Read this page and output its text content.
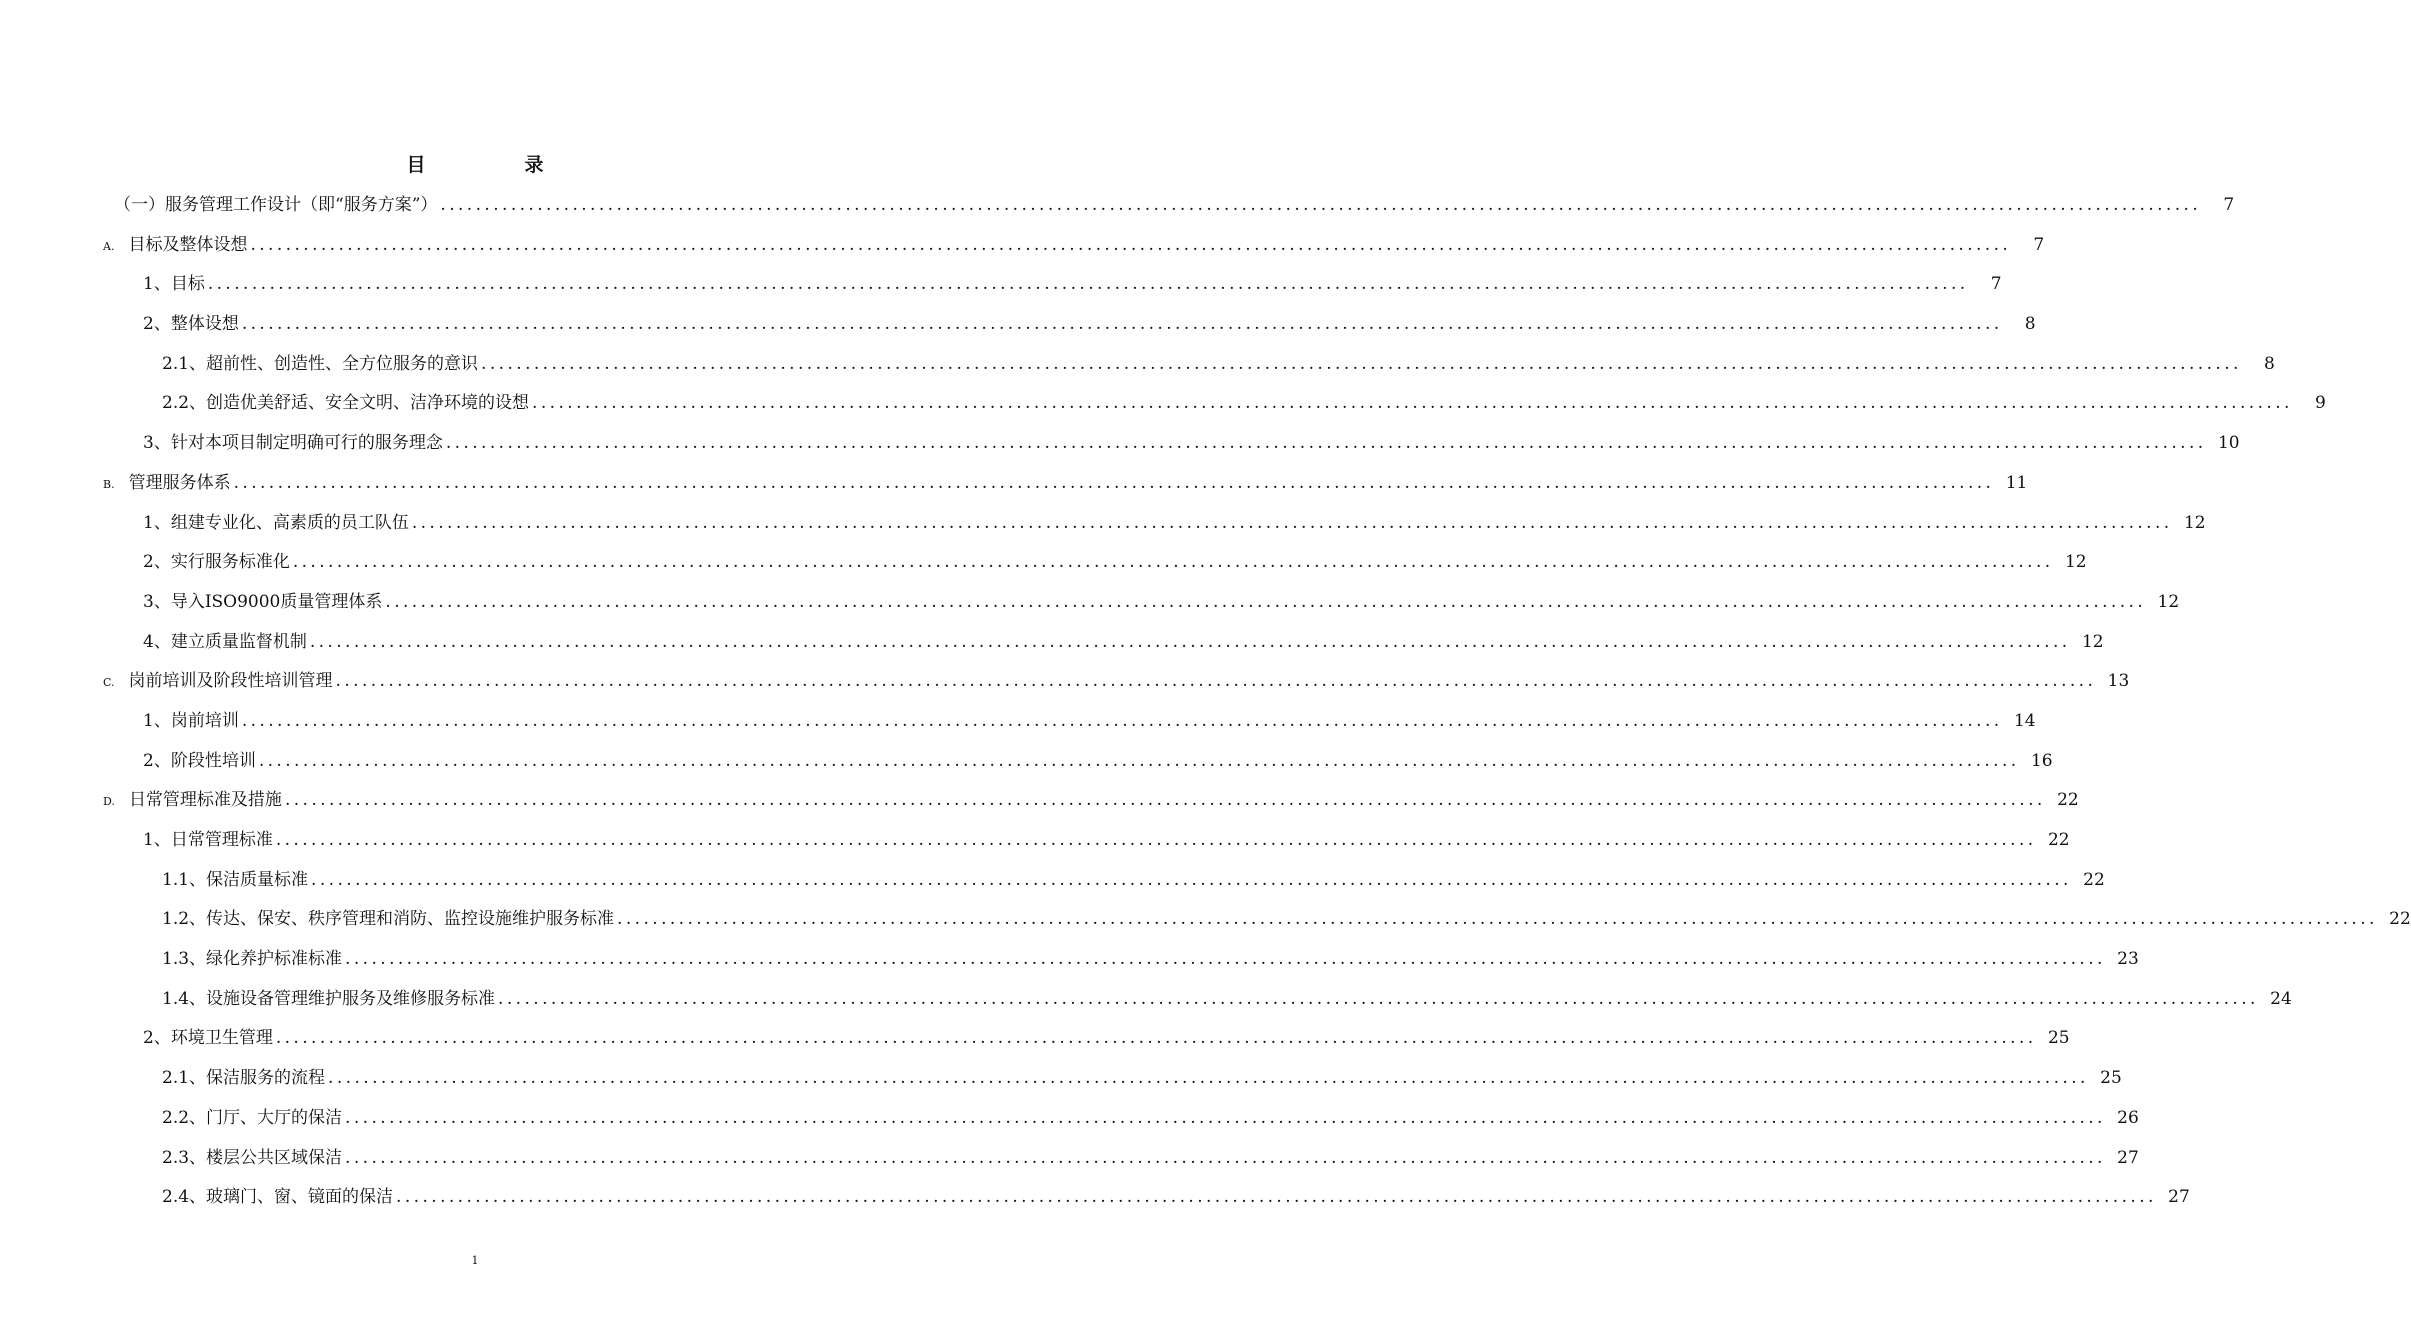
目　录
（一）服务管理工作设计（即“服务方案”） ........................................................................................................................................................................................................	7
A. 目标及整体设想 ........................................................................................................................................................................................................	7
1、目标 ........................................................................................................................................................................................................	7
2、整体设想 ........................................................................................................................................................................................................	8
2.1、超前性、创造性、全方位服务的意识 ........................................................................................................................................................................................................	8
2.2、创造优美舒适、安全文明、洁净环境的设想 ........................................................................................................................................................................................................	9
3、针对本项目制定明确可行的服务理念 ........................................................................................................................................................................................................ 10
B. 管理服务体系 ........................................................................................................................................................................................................ 11
1、组建专业化、高素质的员工队伍 ........................................................................................................................................................................................................ 12
2、实行服务标准化 ........................................................................................................................................................................................................ 12
3、导入ISO9000质量管理体系 ........................................................................................................................................................................................................ 12
4、建立质量监督机制 ........................................................................................................................................................................................................ 12
C. 岗前培训及阶段性培训管理 ........................................................................................................................................................................................................ 13
1、岗前培训 ........................................................................................................................................................................................................ 14
2、阶段性培训 ........................................................................................................................................................................................................ 16
D. 日常管理标准及措施 ........................................................................................................................................................................................................ 22
1、日常管理标准 ........................................................................................................................................................................................................ 22
1.1、保洁质量标准 ........................................................................................................................................................................................................ 22
1.2、传达、保安、秩序管理和消防、监控设施维护服务标准 ........................................................................................................................................................................................................ 22
1.3、绿化养护标准标准 ........................................................................................................................................................................................................ 23
1.4、设施设备管理维护服务及维修服务标准 ........................................................................................................................................................................................................ 24
2、环境卫生管理 ........................................................................................................................................................................................................ 25
2.1、保洁服务的流程 ........................................................................................................................................................................................................ 25
2.2、门厅、大厅的保洁 ........................................................................................................................................................................................................ 26
2.3、楼层公共区域保洁 ........................................................................................................................................................................................................ 27
2.4、玻璃门、窗、镜面的保洁 ........................................................................................................................................................................................................ 27
1
